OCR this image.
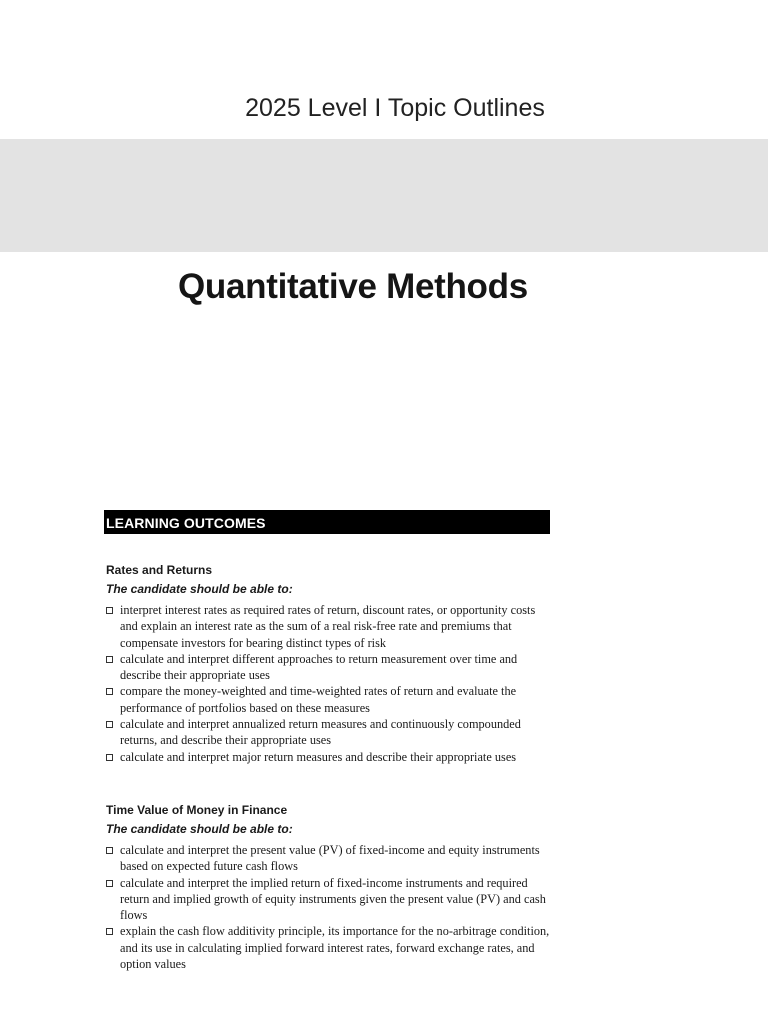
2025 Level I Topic Outlines
Quantitative Methods
LEARNING OUTCOMES
Rates and Returns

The candidate should be able to:

interpret interest rates as required rates of return, discount rates, or opportunity costs and explain an interest rate as the sum of a real risk-free rate and premiums that compensate investors for bearing distinct types of risk
calculate and interpret different approaches to return measurement over time and describe their appropriate uses
compare the money-weighted and time-weighted rates of return and evaluate the performance of portfolios based on these measures
calculate and interpret annualized return measures and continuously compounded returns, and describe their appropriate uses
calculate and interpret major return measures and describe their appropriate uses
Time Value of Money in Finance

The candidate should be able to:

calculate and interpret the present value (PV) of fixed-income and equity instruments based on expected future cash flows
calculate and interpret the implied return of fixed-income instruments and required return and implied growth of equity instruments given the present value (PV) and cash flows
explain the cash flow additivity principle, its importance for the no-arbitrage condition, and its use in calculating implied forward interest rates, forward exchange rates, and option values
